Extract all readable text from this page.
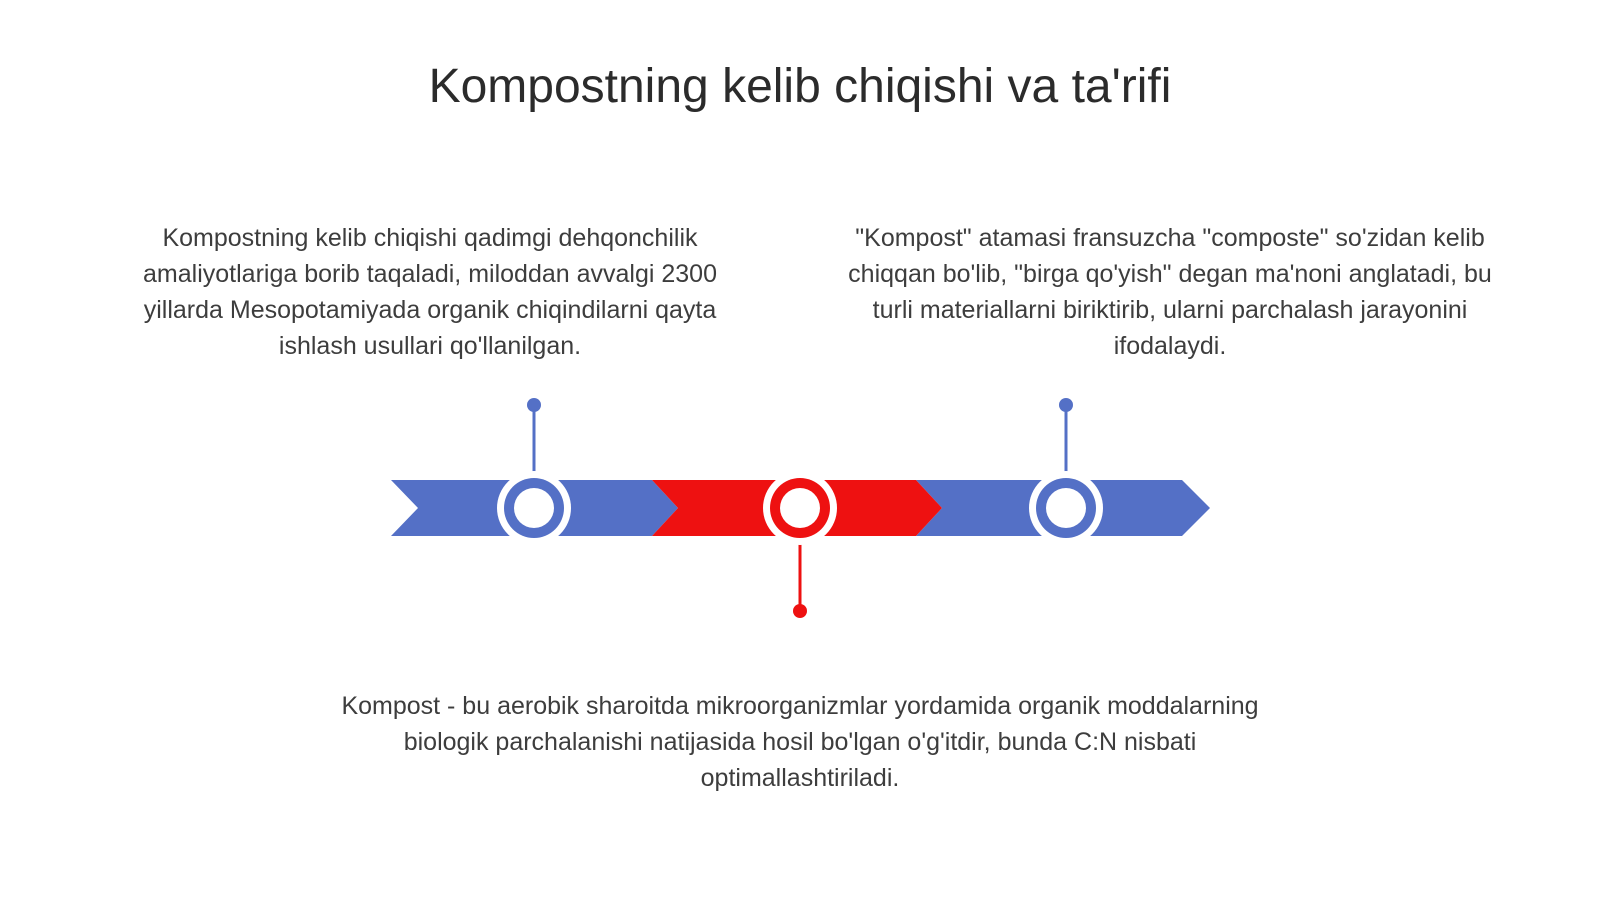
Kompostning kelib chiqishi va ta'rifi

Kompostning kelib chiqishi qadimgi dehqonchilik amaliyotlariga borib taqaladi, miloddan avvalgi 2300 yillarda Mesopotamiyada organik chiqindilarni qayta ishlash usullari qo'llanilgan.

"Kompost" atamasi fransuzcha "composte" so'zidan kelib chiqqan bo'lib, "birga qo'yish" degan ma'noni anglatadi, bu turli materiallarni biriktirib, ularni parchalash jarayonini ifodalaydi.

Kompost - bu aerobik sharoitda mikroorganizmlar yordamida organik moddalarning biologik parchalanishi natijasida hosil bo'lgan o'g'itdir, bunda C:N nisbati optimallashtiriladi.
